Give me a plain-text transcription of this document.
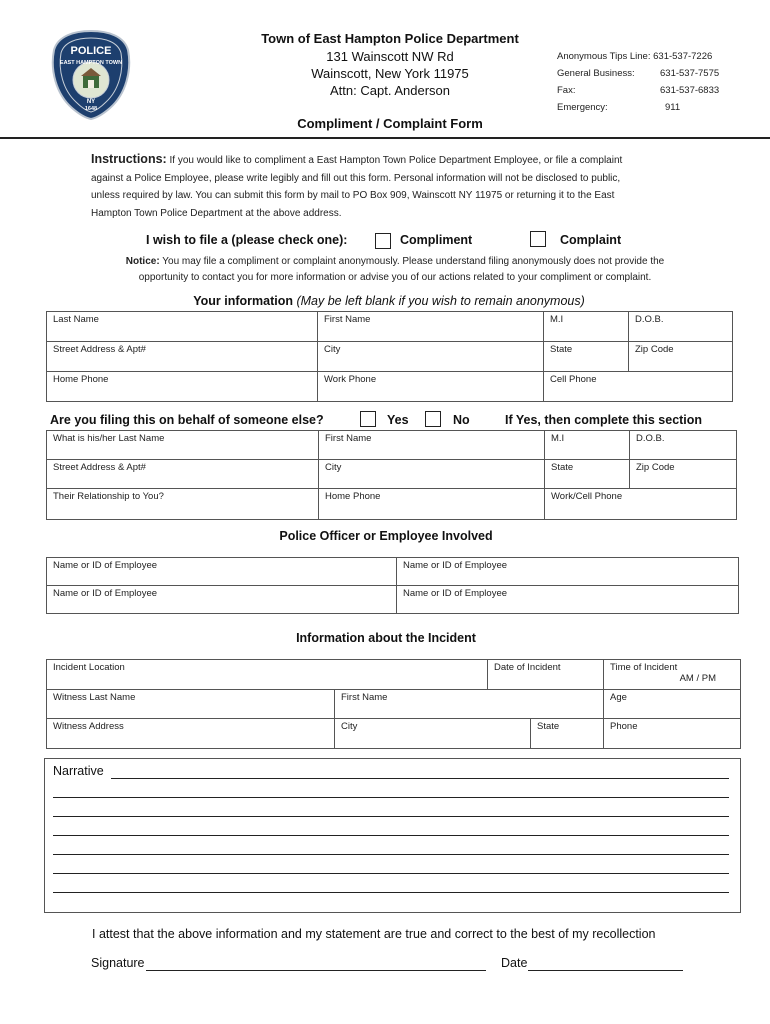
POLICE
EAST HAMPTON TOWN
NY
1648
Town of East Hampton Police Department
131 Wainscott NW Rd
Wainscott, New York 11975
Attn: Capt. Anderson
Compliment / Complaint Form
Anonymous Tips Line: 631-537-7226
General Business:	631-537-7575
Fax:	631-537-6833
Emergency:	911
Instructions: If you would like to compliment a East Hampton Town Police Department Employee, or file a complaint
against a Police Employee, please write legibly and fill out this form. Personal information will not be disclosed to public,
unless required by law. You can submit this form by mail to PO Box 909, Wainscott NY 11975 or returning it to the East
Hampton Town Police Department at the above address.
I wish to file a (please check one):	Compliment	Complaint
Notice: You may file a compliment or complaint anonymously. Please understand filing anonymously does not provide the
opportunity to contact you for more information or advise you of our actions related to your compliment or complaint.
Your information (May be left blank if you wish to remain anonymous)
Last Name	First Name	M.I	D.O.B.
Street Address & Apt#	City	State	Zip Code
Home Phone	Work Phone	Cell Phone	
Are you filing this on behalf of someone else?	Yes	No	If Yes, then complete this section
What is his/her Last Name	First Name	M.I	D.O.B.
Street Address & Apt#	City	State	Zip Code
Their Relationship to You?	Home Phone	Work/Cell Phone	
Police Officer or Employee Involved
Name or ID of Employee	Name or ID of Employee
Name or ID of Employee	Name or ID of Employee
Information about the Incident
Incident Location		Date of Incident		Time of Incident
AM / PM

Witness Last Name	First Name			Age
Witness Address	City		State	Phone
Narrative
I attest that the above information and my statement are true and correct to the best of my recollection
Signature	Date
